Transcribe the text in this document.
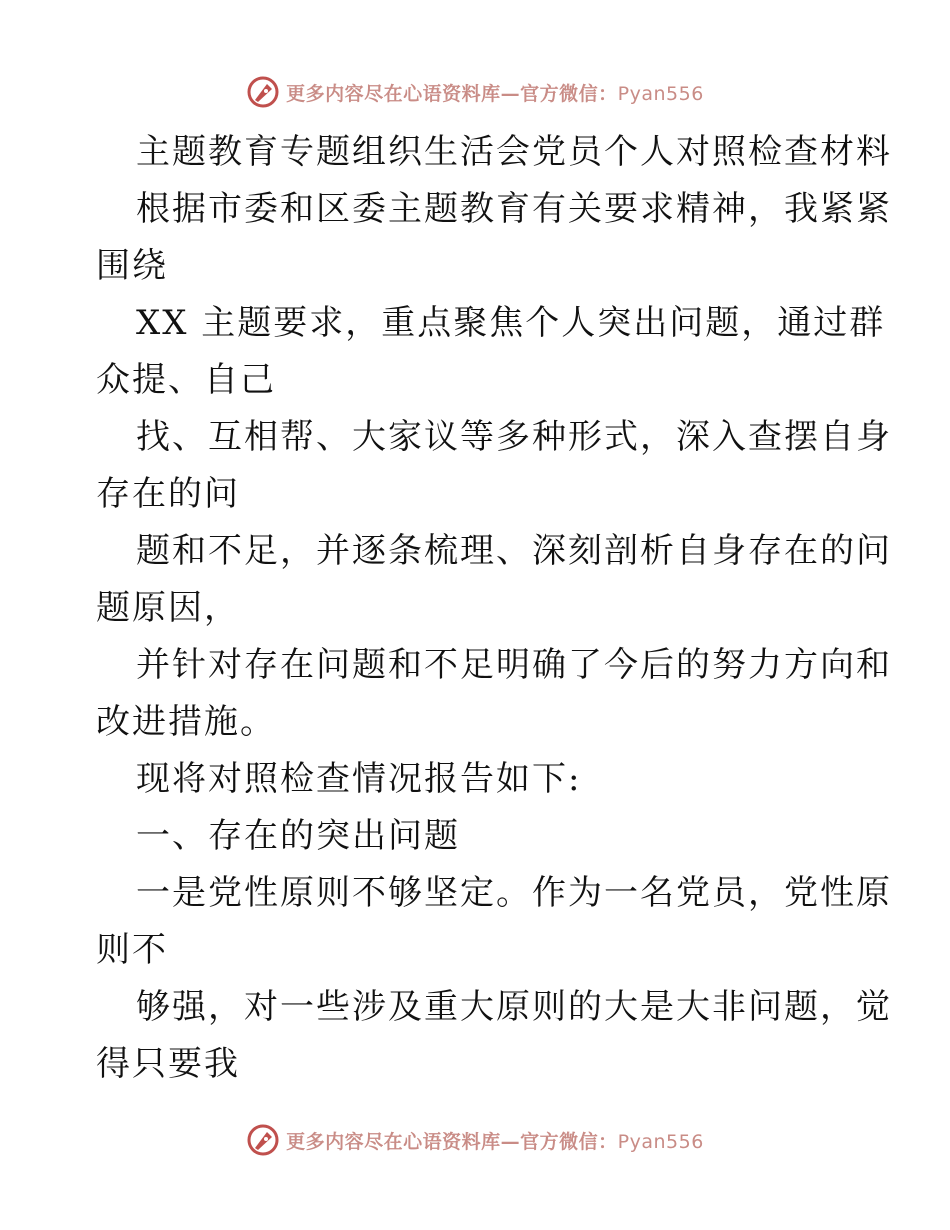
更多内容尽在心语资料库—官方微信：Pyan556
主题教育专题组织生活会党员个人对照检查材料
根据市委和区委主题教育有关要求精神，我紧紧
围绕
XX 主题要求，重点聚焦个人突出问题，通过群
众提、自己
找、互相帮、大家议等多种形式，深入查摆自身
存在的问
题和不足，并逐条梳理、深刻剖析自身存在的问
题原因，
并针对存在问题和不足明确了今后的努力方向和
改进措施。
现将对照检查情况报告如下:
一、存在的突出问题
一是党性原则不够坚定。作为一名党员，党性原
则不
够强，对一些涉及重大原则的大是大非问题，觉
得只要我
更多内容尽在心语资料库—官方微信：Pyan556
